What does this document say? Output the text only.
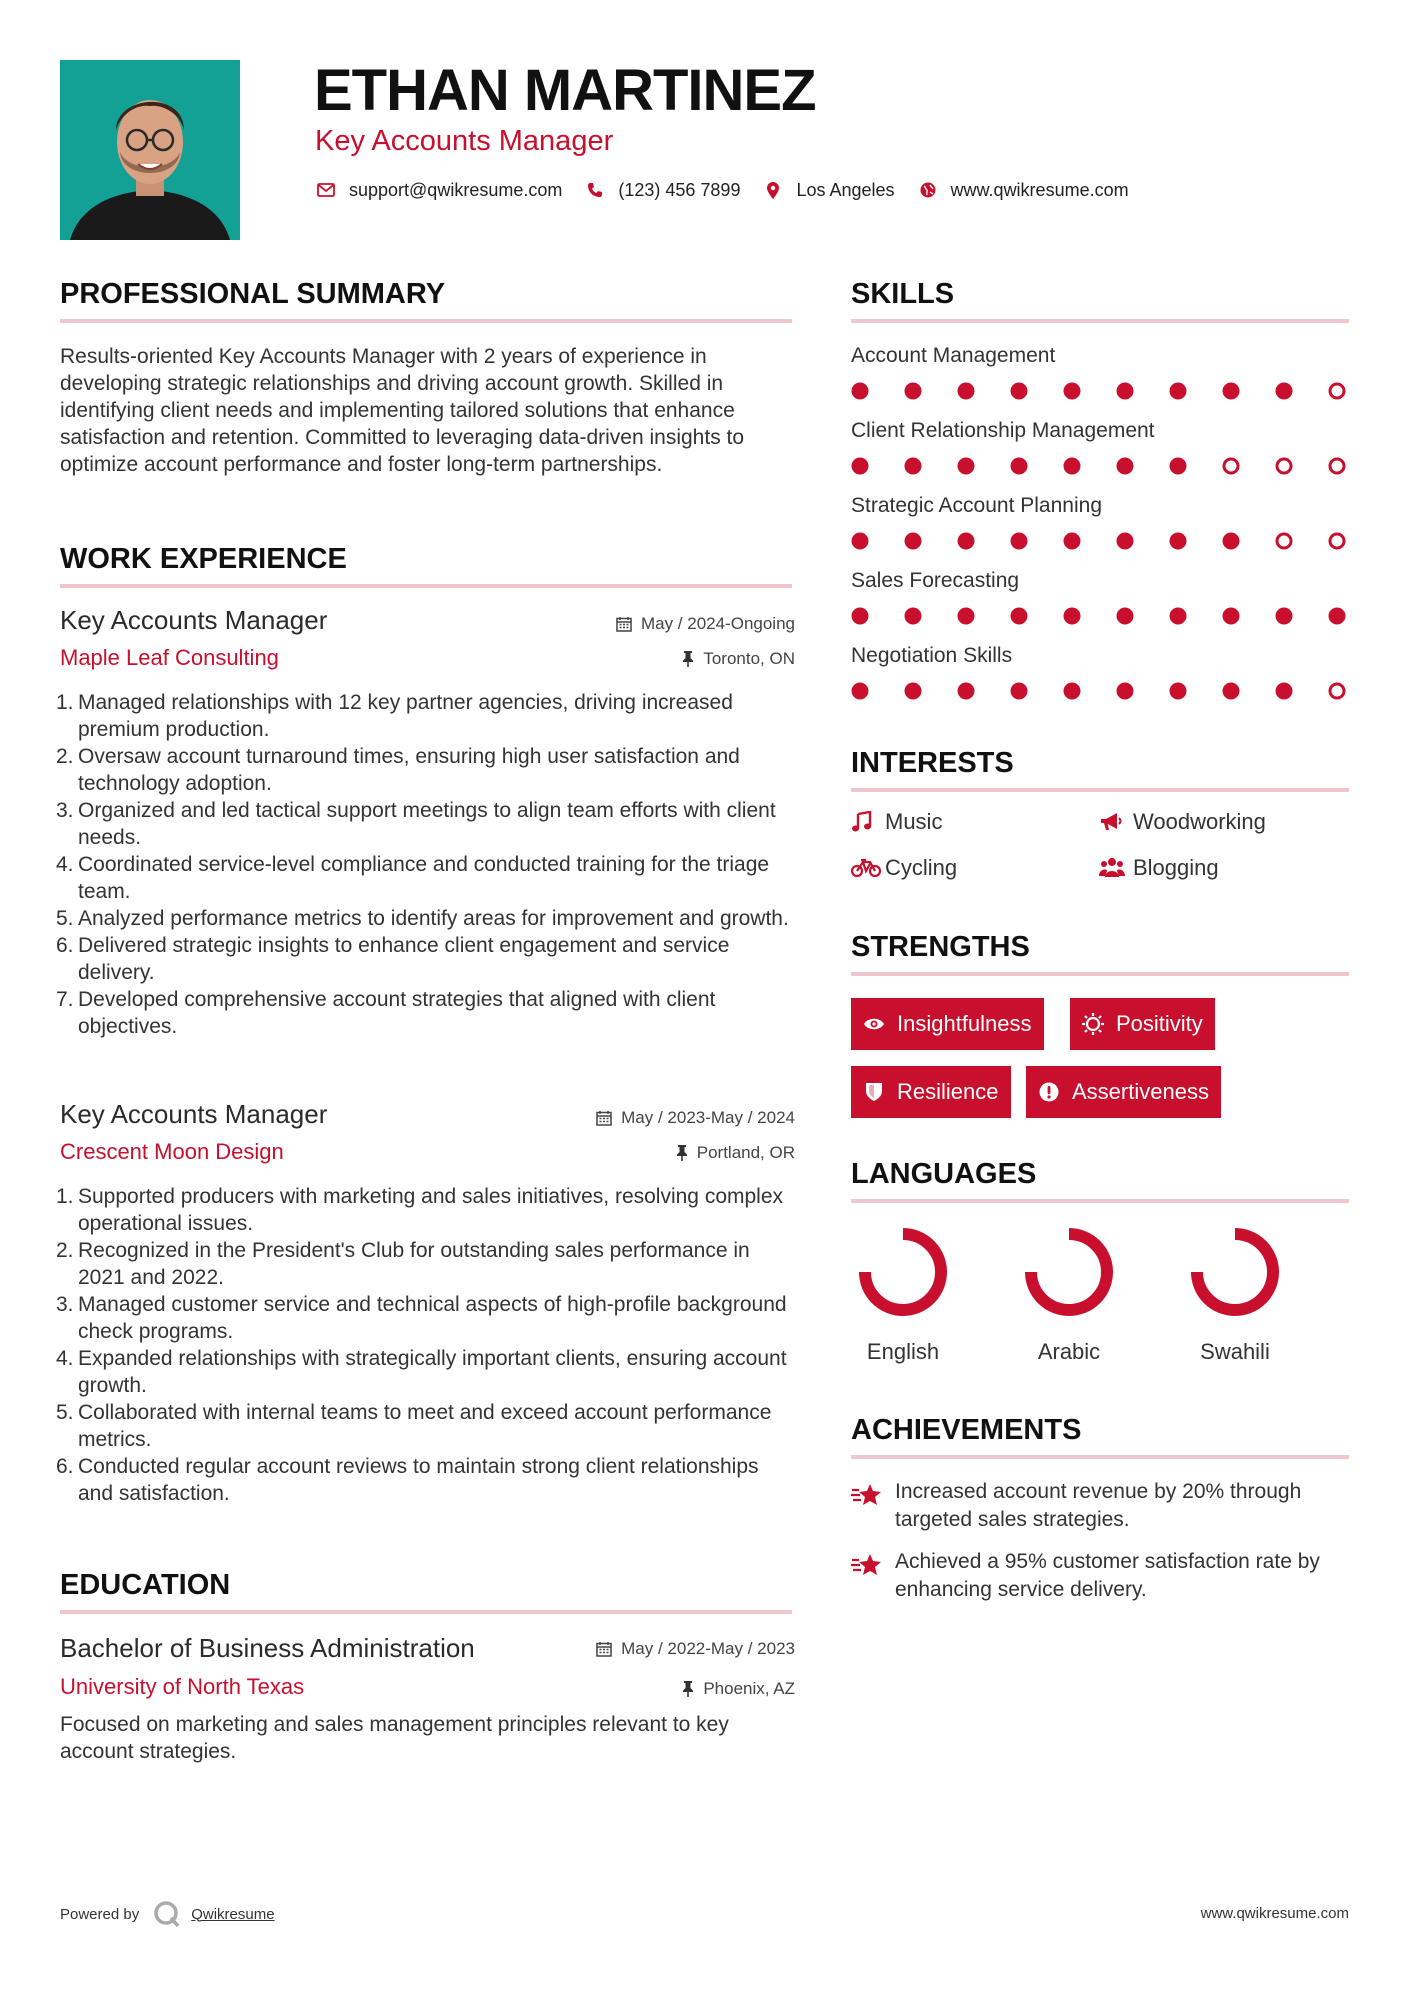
ETHAN MARTINEZ
Key Accounts Manager
support@qwikresume.com	(123) 456 7899	Los Angeles	www.qwikresume.com
PROFESSIONAL SUMMARY
Results-oriented Key Accounts Manager with 2 years of experience in developing strategic relationships and driving account growth. Skilled in identifying client needs and implementing tailored solutions that enhance satisfaction and retention. Committed to leveraging data-driven insights to optimize account performance and foster long-term partnerships.
WORK EXPERIENCE
Key Accounts Manager	May / 2024-Ongoing
Maple Leaf Consulting	Toronto, ON
1. Managed relationships with 12 key partner agencies, driving increased premium production.
2. Oversaw account turnaround times, ensuring high user satisfaction and technology adoption.
3. Organized and led tactical support meetings to align team efforts with client needs.
4. Coordinated service-level compliance and conducted training for the triage team.
5. Analyzed performance metrics to identify areas for improvement and growth.
6. Delivered strategic insights to enhance client engagement and service delivery.
7. Developed comprehensive account strategies that aligned with client objectives.
Key Accounts Manager	May / 2023-May / 2024
Crescent Moon Design	Portland, OR
1. Supported producers with marketing and sales initiatives, resolving complex operational issues.
2. Recognized in the President's Club for outstanding sales performance in 2021 and 2022.
3. Managed customer service and technical aspects of high-profile background check programs.
4. Expanded relationships with strategically important clients, ensuring account growth.
5. Collaborated with internal teams to meet and exceed account performance metrics.
6. Conducted regular account reviews to maintain strong client relationships and satisfaction.
EDUCATION
Bachelor of Business Administration	May / 2022-May / 2023
University of North Texas	Phoenix, AZ
Focused on marketing and sales management principles relevant to key account strategies.
SKILLS
Account Management
Client Relationship Management
Strategic Account Planning
Sales Forecasting
Negotiation Skills
INTERESTS
Music	Woodworking
Cycling	Blogging
STRENGTHS
Insightfulness	Positivity
Resilience	Assertiveness
LANGUAGES
English	Arabic	Swahili
ACHIEVEMENTS
Increased account revenue by 20% through targeted sales strategies.
Achieved a 95% customer satisfaction rate by enhancing service delivery.
Powered by	Qwikresume	www.qwikresume.com
